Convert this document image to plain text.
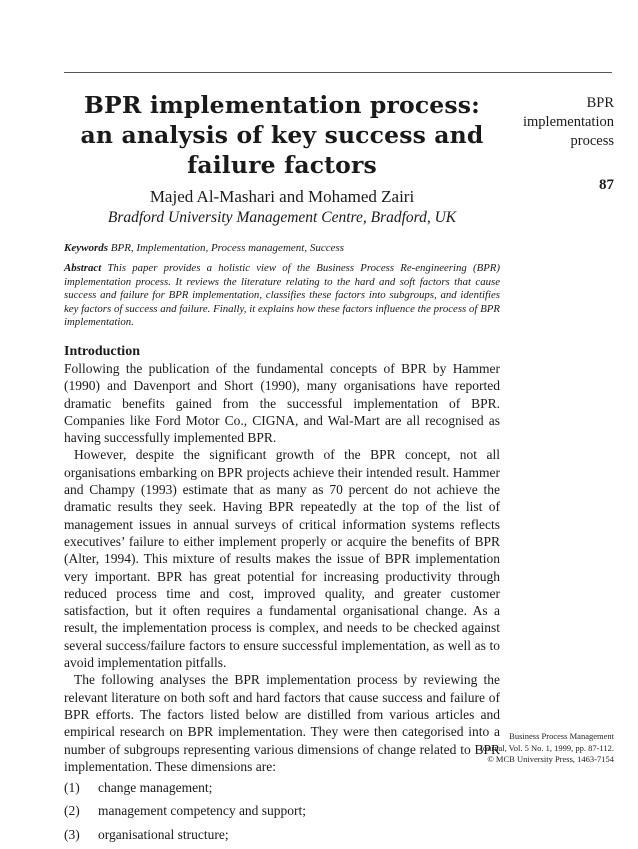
BPR implementation process:
an analysis of key success and
failure factors
Majed Al-Mashari and Mohamed Zairi
Bradford University Management Centre, Bradford, UK
Keywords BPR, Implementation, Process management, Success
Abstract This paper provides a holistic view of the Business Process Re-engineering (BPR) implementation process. It reviews the literature relating to the hard and soft factors that cause success and failure for BPR implementation, classifies these factors into subgroups, and identifies key factors of success and failure. Finally, it explains how these factors influence the process of BPR implementation.
Introduction

Following the publication of the fundamental concepts of BPR by Hammer (1990) and Davenport and Short (1990), many organisations have reported dramatic benefits gained from the successful implementation of BPR. Companies like Ford Motor Co., CIGNA, and Wal-Mart are all recognised as having successfully implemented BPR.

However, despite the significant growth of the BPR concept, not all organisations embarking on BPR projects achieve their intended result. Hammer and Champy (1993) estimate that as many as 70 percent do not achieve the dramatic results they seek. Having BPR repeatedly at the top of the list of management issues in annual surveys of critical information systems reflects executives’ failure to either implement properly or acquire the benefits of BPR (Alter, 1994). This mixture of results makes the issue of BPR implementation very important. BPR has great potential for increasing productivity through reduced process time and cost, improved quality, and greater customer satisfaction, but it often requires a fundamental organisational change. As a result, the implementation process is complex, and needs to be checked against several success/failure factors to ensure successful implementation, as well as to avoid implementation pitfalls.

The following analyses the BPR implementation process by reviewing the relevant literature on both soft and hard factors that cause success and failure of BPR efforts. The factors listed below are distilled from various articles and empirical research on BPR implementation. They were then categorised into a number of subgroups representing various dimensions of change related to BPR implementation. These dimensions are:

(1)	change management;
(2)	management competency and support;
(3)	organisational structure;
BPR
implementation
process
87
Business Process Management
Journal, Vol. 5 No. 1, 1999, pp. 87-112.
© MCB University Press, 1463-7154
